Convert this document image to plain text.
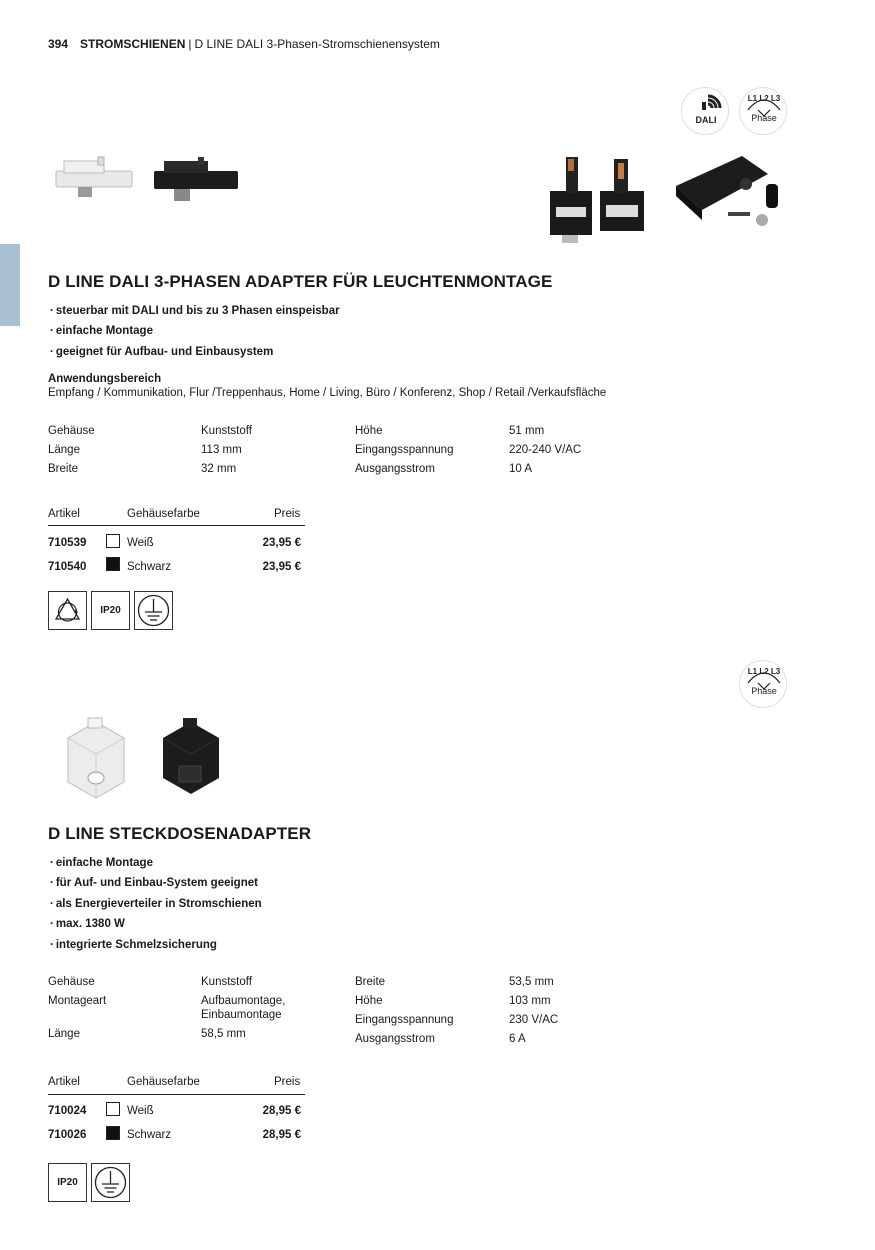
394 STROMSCHIENEN | D LINE DALI 3-Phasen-Stromschienensystem
DALI
L1 L2 L3
Phase
D LINE DALI 3-PHASEN ADAPTER FÜR LEUCHTENMONTAGE
· steuerbar mit DALI und bis zu 3 Phasen einspeisbar
· einfache Montage
· geeignet für Aufbau- und Einbausystem
Anwendungsbereich
Empfang / Kommunikation, Flur /Treppenhaus, Home / Living, Büro / Konferenz, Shop / Retail /Verkaufsfläche
Gehäuse	Kunststoff
Länge	113 mm
Breite	32 mm
Höhe	51 mm
Eingangsspannung	220-240 V/AC
Ausgangsstrom	10 A
Artikel	Gehäusefarbe	Preis
710539	Weiß	23,95 €
710540	Schwarz	23,95 €
IP20
L1 L2 L3
Phase
D LINE STECKDOSENADAPTER
· einfache Montage
· für Auf- und Einbau-System geeignet
· als Energieverteiler in Stromschienen
· max. 1380 W
· integrierte Schmelzsicherung
Gehäuse	Kunststoff
Montageart	Aufbaumontage,
Einbaumontage
Länge	58,5 mm
Breite	53,5 mm
Höhe	103 mm
Eingangsspannung	230 V/AC
Ausgangsstrom	6 A
Artikel	Gehäusefarbe	Preis
710024	Weiß	28,95 €
710026	Schwarz	28,95 €
IP20
